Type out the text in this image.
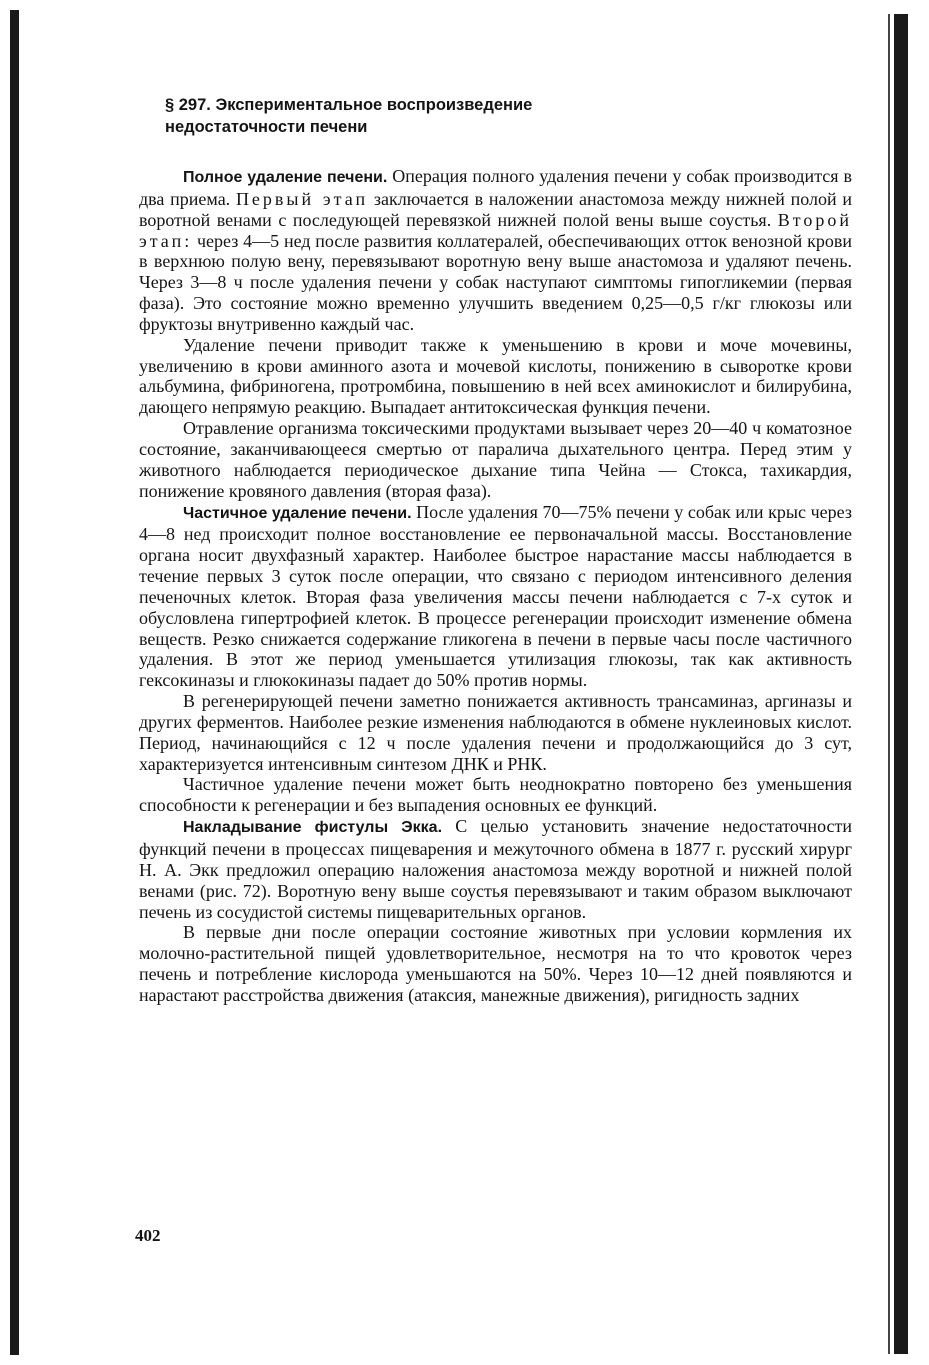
§ 297. Экспериментальное воспроизведение
недостаточности печени

Полное удаление печени. Операция полного удаления печени у собак производится в два приема. Первый этап заключается в наложении анастомоза между нижней полой и воротной венами с последующей перевязкой нижней полой вены выше соустья. Второй этап: через 4—5 нед после развития коллатералей, обеспечивающих отток венозной крови в верхнюю полую вену, перевязывают воротную вену выше анастомоза и удаляют печень. Через 3—8 ч после удаления печени у собак наступают симптомы гипогликемии (первая фаза). Это состояние можно временно улучшить введением 0,25—0,5 г/кг глюкозы или фруктозы внутривенно каждый час.

Удаление печени приводит также к уменьшению в крови и моче мочевины, увеличению в крови аминного азота и мочевой кислоты, понижению в сыворотке крови альбумина, фибриногена, протромбина, повышению в ней всех аминокислот и билирубина, дающего непрямую реакцию. Выпадает антитоксическая функция печени.

Отравление организма токсическими продуктами вызывает через 20—40 ч коматозное состояние, заканчивающееся смертью от паралича дыхательного центра. Перед этим у животного наблюдается периодическое дыхание типа Чейна — Стокса, тахикардия, понижение кровяного давления (вторая фаза).

Частичное удаление печени. После удаления 70—75% печени у собак или крыс через 4—8 нед происходит полное восстановление ее первоначальной массы. Восстановление органа носит двухфазный характер. Наиболее быстрое нарастание массы наблюдается в течение первых 3 суток после операции, что связано с периодом интенсивного деления печеночных клеток. Вторая фаза увеличения массы печени наблюдается с 7-х суток и обусловлена гипертрофией клеток. В процессе регенерации происходит изменение обмена веществ. Резко снижается содержание гликогена в печени в первые часы после частичного удаления. В этот же период уменьшается утилизация глюкозы, так как активность гексокиназы и глюкокиназы падает до 50% против нормы.

В регенерирующей печени заметно понижается активность трансаминаз, аргиназы и других ферментов. Наиболее резкие изменения наблюдаются в обмене нуклеиновых кислот. Период, начинающийся с 12 ч после удаления печени и продолжающийся до 3 сут, характеризуется интенсивным синтезом ДНК и РНК.

Частичное удаление печени может быть неоднократно повторено без уменьшения способности к регенерации и без выпадения основных ее функций.

Накладывание фистулы Экка. С целью установить значение недостаточности функций печени в процессах пищеварения и межуточного обмена в 1877 г. русский хирург Н. А. Экк предложил операцию наложения анастомоза между воротной и нижней полой венами (рис. 72). Воротную вену выше соустья перевязывают и таким образом выключают печень из сосудистой системы пищеварительных органов.

В первые дни после операции состояние животных при условии кормления их молочно-растительной пищей удовлетворительное, несмотря на то что кровоток через печень и потребление кислорода уменьшаются на 50%. Через 10—12 дней появляются и нарастают расстройства движения (атаксия, манежные движения), ригидность задних

402
